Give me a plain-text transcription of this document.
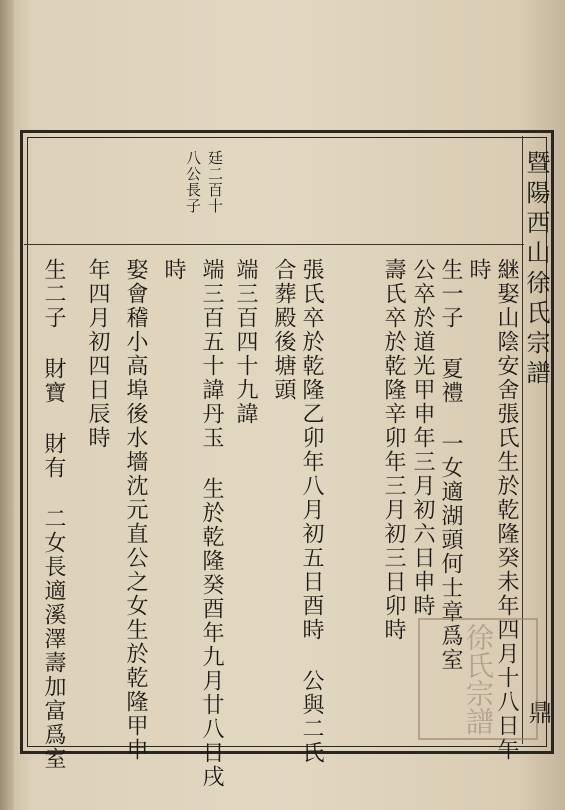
暨陽西山徐氏宗譜
鼎
廷二百十
八公長子
継娶山陰安舍張氏生於乾隆癸未年四月十八日午
時
生一子 夏禮 一女適湖頭何士章爲室
公卒於道光甲申年三月初六日申時
壽氏卒於乾隆辛卯年三月初三日卯時
張氏卒於乾隆乙卯年八月初五日酉時 公與二氏
合葬殿後塘頭
端三百四十九諱
端三百五十諱丹玉 生於乾隆癸酉年九月廿八日戌
時
娶會稽小高埠後水墻沈元直公之女生於乾隆甲申
年四月初四日辰時
生二子 財寶 財有 二女長適溪澤壽加富爲室	徐氏宗譜
